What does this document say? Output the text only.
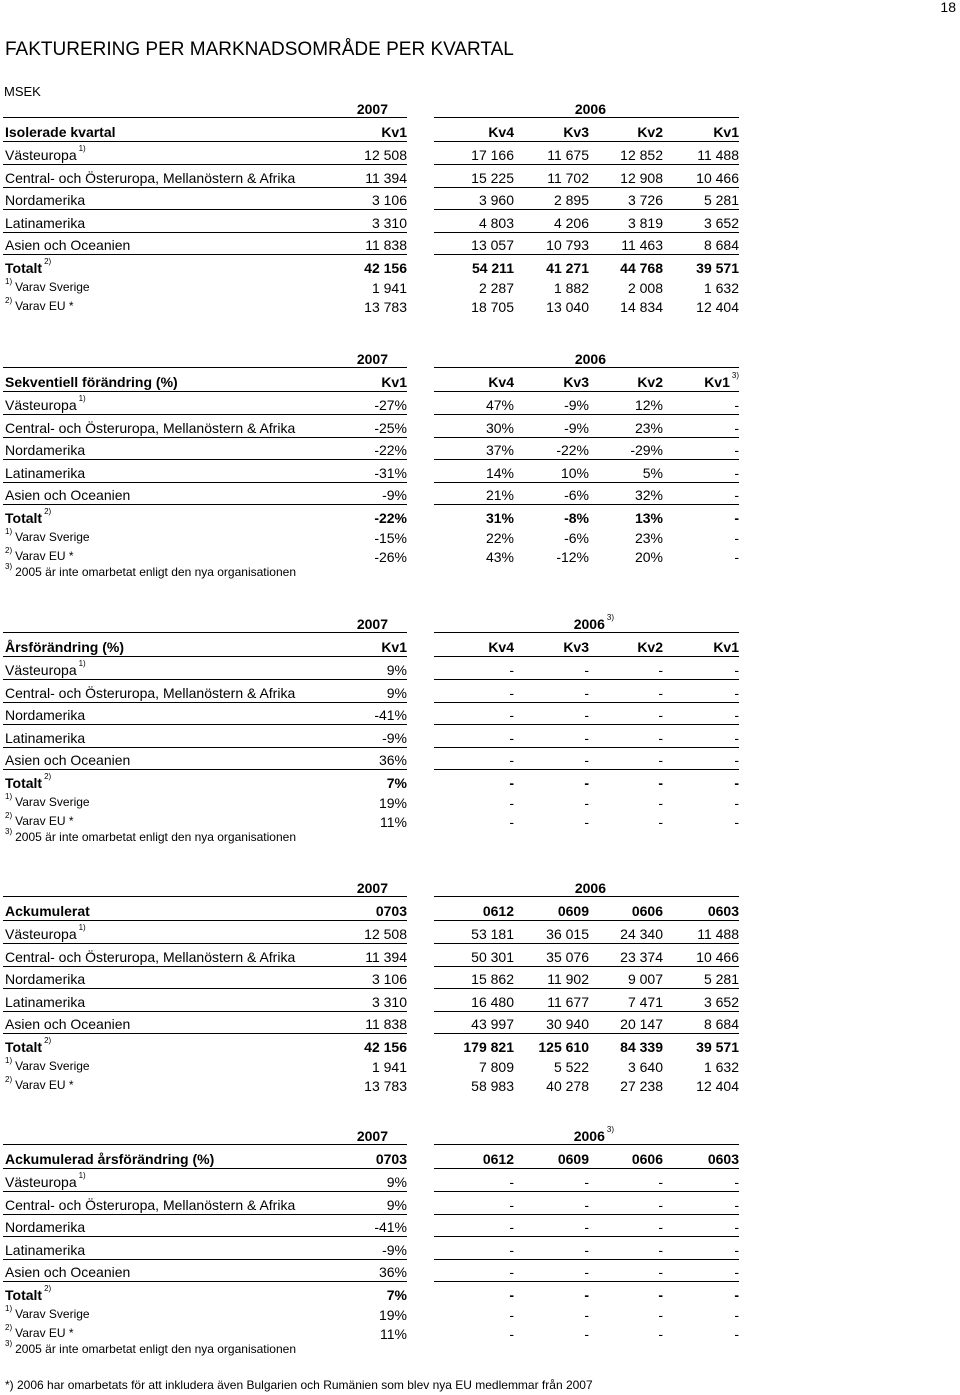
18
FAKTURERING PER MARKNADSOMRÅDE PER KVARTAL
MSEK
2007	2006
Isolerade kvartal	Kv1	Kv4	Kv3	Kv2	Kv1
Västeuropa $^{1)}$	12 508	17 166	11 675	12 852	11 488
Central- och Österuropa, Mellanöstern & Afrika	11 394	15 225	11 702	12 908	10 466
Nordamerika	3 106	3 960	2 895	3 726	5 281
Latinamerika	3 310	4 803	4 206	3 819	3 652
Asien och Oceanien	11 838	13 057	10 793	11 463	8 684
Totalt $^{2)}$	42 156	54 211	41 271	44 768	39 571
$^{1)}$ Varav Sverige	1 941	2 287	1 882	2 008	1 632
$^{2)}$ Varav EU *	13 783	18 705	13 040	14 834	12 404
2007	2006
Sekventiell förändring (%)	Kv1	Kv4	Kv3	Kv2	Kv1 $^{3)}$
Västeuropa $^{1)}$	-27%	47%	-9%	12%	-
Central- och Österuropa, Mellanöstern & Afrika	-25%	30%	-9%	23%	-
Nordamerika	-22%	37%	-22%	-29%	-
Latinamerika	-31%	14%	10%	5%	-
Asien och Oceanien	-9%	21%	-6%	32%	-
Totalt $^{2)}$	-22%	31%	-8%	13%	-
$^{1)}$ Varav Sverige	-15%	22%	-6%	23%	-
$^{2)}$ Varav EU *	-26%	43%	-12%	20%	-
$^{3)}$ 2005 är inte omarbetat enligt den nya organisationen
2007	2006 $^{3)}$
Årsförändring (%)	Kv1	Kv4	Kv3	Kv2	Kv1
Västeuropa $^{1)}$	9%	-	-	-	-
Central- och Österuropa, Mellanöstern & Afrika	9%	-	-	-	-
Nordamerika	-41%	-	-	-	-
Latinamerika	-9%	-	-	-	-
Asien och Oceanien	36%	-	-	-	-
Totalt $^{2)}$	7%	-	-	-	-
$^{1)}$ Varav Sverige	19%	-	-	-	-
$^{2)}$ Varav EU *	11%	-	-	-	-
$^{3)}$ 2005 är inte omarbetat enligt den nya organisationen
2007	2006
Ackumulerat	0703	0612	0609	0606	0603
Västeuropa $^{1)}$	12 508	53 181	36 015	24 340	11 488
Central- och Österuropa, Mellanöstern & Afrika	11 394	50 301	35 076	23 374	10 466
Nordamerika	3 106	15 862	11 902	9 007	5 281
Latinamerika	3 310	16 480	11 677	7 471	3 652
Asien och Oceanien	11 838	43 997	30 940	20 147	8 684
Totalt $^{2)}$	42 156	179 821	125 610	84 339	39 571
$^{1)}$ Varav Sverige	1 941	7 809	5 522	3 640	1 632
$^{2)}$ Varav EU *	13 783	58 983	40 278	27 238	12 404
2007	2006 $^{3)}$
Ackumulerad årsförändring (%)	0703	0612	0609	0606	0603
Västeuropa $^{1)}$	9%	-	-	-	-
Central- och Österuropa, Mellanöstern & Afrika	9%	-	-	-	-
Nordamerika	-41%	-	-	-	-
Latinamerika	-9%	-	-	-	-
Asien och Oceanien	36%	-	-	-	-
Totalt $^{2)}$	7%	-	-	-	-
$^{1)}$ Varav Sverige	19%	-	-	-	-
$^{2)}$ Varav EU *	11%	-	-	-	-
$^{3)}$ 2005 är inte omarbetat enligt den nya organisationen
*) 2006 har omarbetats för att inkludera även Bulgarien och Rumänien som blev nya EU medlemmar från 2007
